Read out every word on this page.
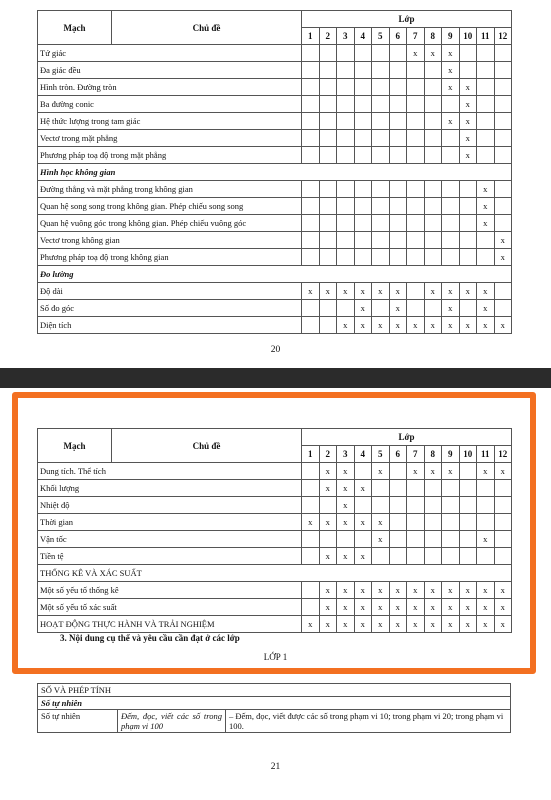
Mạch	Chủ đề	Lớp											
		1	2	3	4	5	6	7	8	9	10	11	12
Tứ giác								x	x	x			
Đa giác đều										x			
Hình tròn. Đường tròn										x	x		
Ba đường conic											x		
Hệ thức lượng trong tam giác										x	x		
Vectơ trong mặt phẳng											x		
Phương pháp toạ độ trong mặt phẳng											x		
Hình học không gian													
Đường thẳng và mặt phẳng trong không gian												x	
Quan hệ song song trong không gian. Phép chiếu song song												x	
Quan hệ vuông góc trong không gian. Phép chiếu vuông góc												x	
Vectơ trong không gian													x
Phương pháp toạ độ trong không gian													x
Đo lường													
Độ dài		x	x	x	x	x	x		x	x	x	x	
Số đo góc					x		x			x		x	
Diện tích				x	x	x	x	x	x	x	x	x	x
20
Mạch	Chủ đề	Lớp											
		1	2	3	4	5	6	7	8	9	10	11	12
Dung tích. Thể tích			x	x		x		x	x	x		x	x
Khối lượng			x	x	x								
Nhiệt độ				x									
Thời gian		x	x	x	x	x							
Vận tốc						x						x	
Tiền tệ			x	x	x								
THỐNG KÊ VÀ XÁC SUẤT													
Một số yếu tố thống kê			x	x	x	x	x	x	x	x	x	x	x
Một số yếu tố xác suất			x	x	x	x	x	x	x	x	x	x	x
HOẠT ĐỘNG THỰC HÀNH VÀ TRẢI NGHIỆM		x	x	x	x	x	x	x	x	x	x	x	x
3. Nội dung cụ thể và yêu cầu cần đạt ở các lớp
LỚP 1
SỐ VÀ PHÉP TÍNH
Số tự nhiên
Số tự nhiên	Đếm, đọc, viết các số trong phạm vi 100	– Đếm, đọc, viết được các số trong phạm vi 10; trong phạm vi 20; trong phạm vi 100.
21
